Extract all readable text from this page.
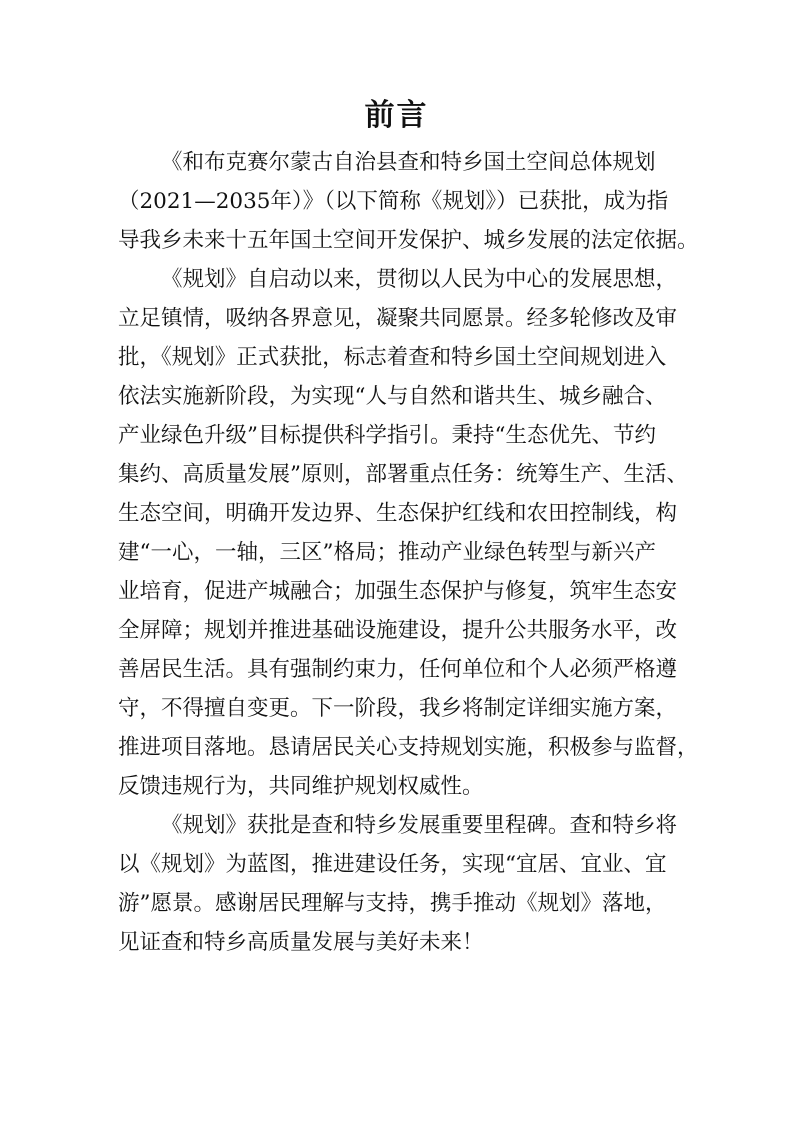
前言
《和布克赛尔蒙古自治县查和特乡国土空间总体规划
（2021—2035年）》（以下简称《规划》）已获批，成为指
导我乡未来十五年国土空间开发保护、城乡发展的法定依据。
《规划》自启动以来，贯彻以人民为中心的发展思想，
立足镇情，吸纳各界意见，凝聚共同愿景。经多轮修改及审
批，《规划》正式获批，标志着查和特乡国土空间规划进入
依法实施新阶段，为实现“人与自然和谐共生、城乡融合、
产业绿色升级”目标提供科学指引。秉持“生态优先、节约
集约、高质量发展”原则，部署重点任务：统筹生产、生活、
生态空间，明确开发边界、生态保护红线和农田控制线，构
建“一心，一轴，三区”格局；推动产业绿色转型与新兴产
业培育，促进产城融合；加强生态保护与修复，筑牢生态安
全屏障；规划并推进基础设施建设，提升公共服务水平，改
善居民生活。具有强制约束力，任何单位和个人必须严格遵
守，不得擅自变更。下一阶段，我乡将制定详细实施方案，
推进项目落地。恳请居民关心支持规划实施，积极参与监督，
反馈违规行为，共同维护规划权威性。
《规划》获批是查和特乡发展重要里程碑。查和特乡将
以《规划》为蓝图，推进建设任务，实现“宜居、宜业、宜
游”愿景。感谢居民理解与支持，携手推动《规划》落地，
见证查和特乡高质量发展与美好未来！
